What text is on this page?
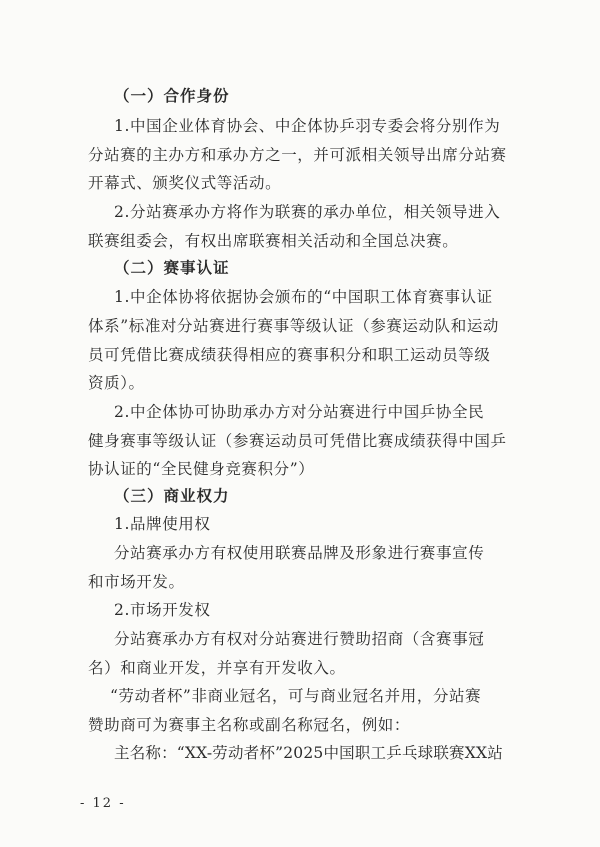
（一）合作身份
1.中国企业体育协会、中企体协乒羽专委会将分别作为
分站赛的主办方和承办方之一，并可派相关领导出席分站赛
开幕式、颁奖仪式等活动。
2.分站赛承办方将作为联赛的承办单位，相关领导进入
联赛组委会，有权出席联赛相关活动和全国总决赛。
（二）赛事认证
1.中企体协将依据协会颁布的“中国职工体育赛事认证
体系”标准对分站赛进行赛事等级认证（参赛运动队和运动
员可凭借比赛成绩获得相应的赛事积分和职工运动员等级
资质）。
2.中企体协可协助承办方对分站赛进行中国乒协全民
健身赛事等级认证（参赛运动员可凭借比赛成绩获得中国乒
协认证的“全民健身竞赛积分”）
（三）商业权力
1.品牌使用权
分站赛承办方有权使用联赛品牌及形象进行赛事宣传
和市场开发。
2.市场开发权
分站赛承办方有权对分站赛进行赞助招商（含赛事冠
名）和商业开发，并享有开发收入。
“劳动者杯”非商业冠名，可与商业冠名并用，分站赛
赞助商可为赛事主名称或副名称冠名，例如：
主名称：“XX-劳动者杯”2025中国职工乒乓球联赛XX站
- 12 -
